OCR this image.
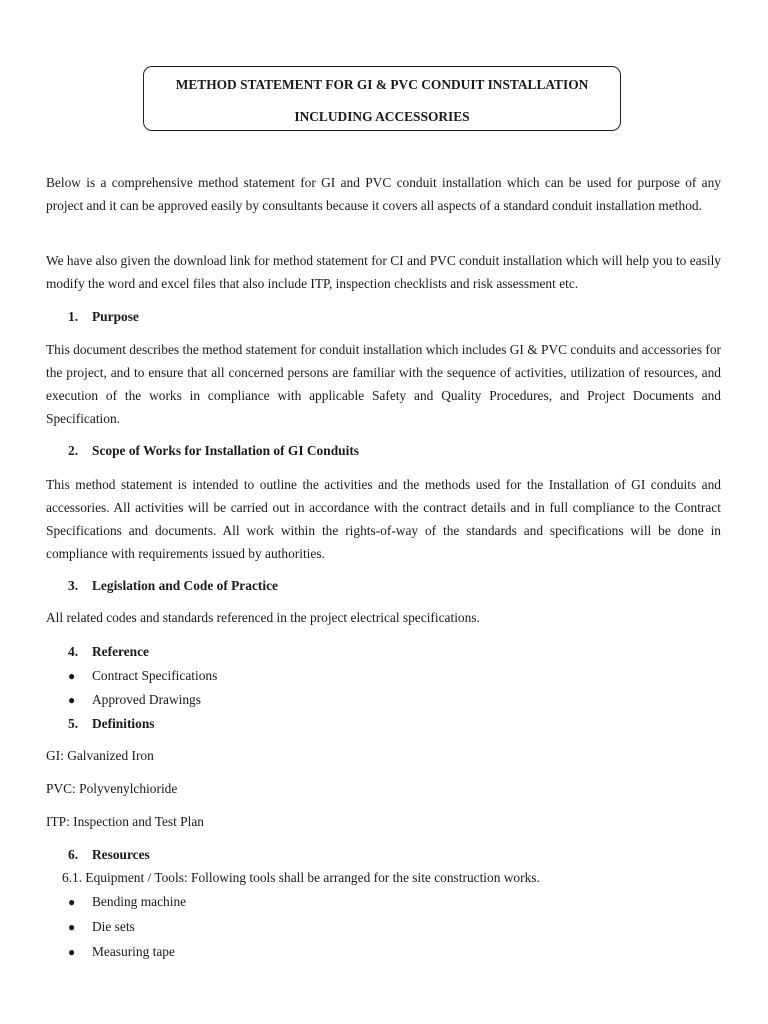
METHOD STATEMENT FOR GI & PVC CONDUIT INSTALLATION
INCLUDING ACCESSORIES

Below is a comprehensive method statement for GI and PVC conduit installation which can be used for purpose of any project and it can be approved easily by consultants because it covers all aspects of a standard conduit installation method.

We have also given the download link for method statement for CI and PVC conduit installation which will help you to easily modify the word and excel files that also include ITP, inspection checklists and risk assessment etc.

1. Purpose

This document describes the method statement for conduit installation which includes GI & PVC conduits and accessories for the project, and to ensure that all concerned persons are familiar with the sequence of activities, utilization of resources, and execution of the works in compliance with applicable Safety and Quality Procedures, and Project Documents and Specification.

2. Scope of Works for Installation of GI Conduits

This method statement is intended to outline the activities and the methods used for the Installation of GI conduits and accessories. All activities will be carried out in accordance with the contract details and in full compliance to the Contract Specifications and documents. All work within the rights-of-way of the standards and specifications will be done in compliance with requirements issued by authorities.

3. Legislation and Code of Practice
All related codes and standards referenced in the project electrical specifications.
4. Reference
● Contract Specifications
● Approved Drawings
5. Definitions
GI: Galvanized Iron
PVC: Polyvenylchioride
ITP: Inspection and Test Plan
6. Resources
6.1. Equipment / Tools: Following tools shall be arranged for the site construction works.
● Bending machine
● Die sets
● Measuring tape
